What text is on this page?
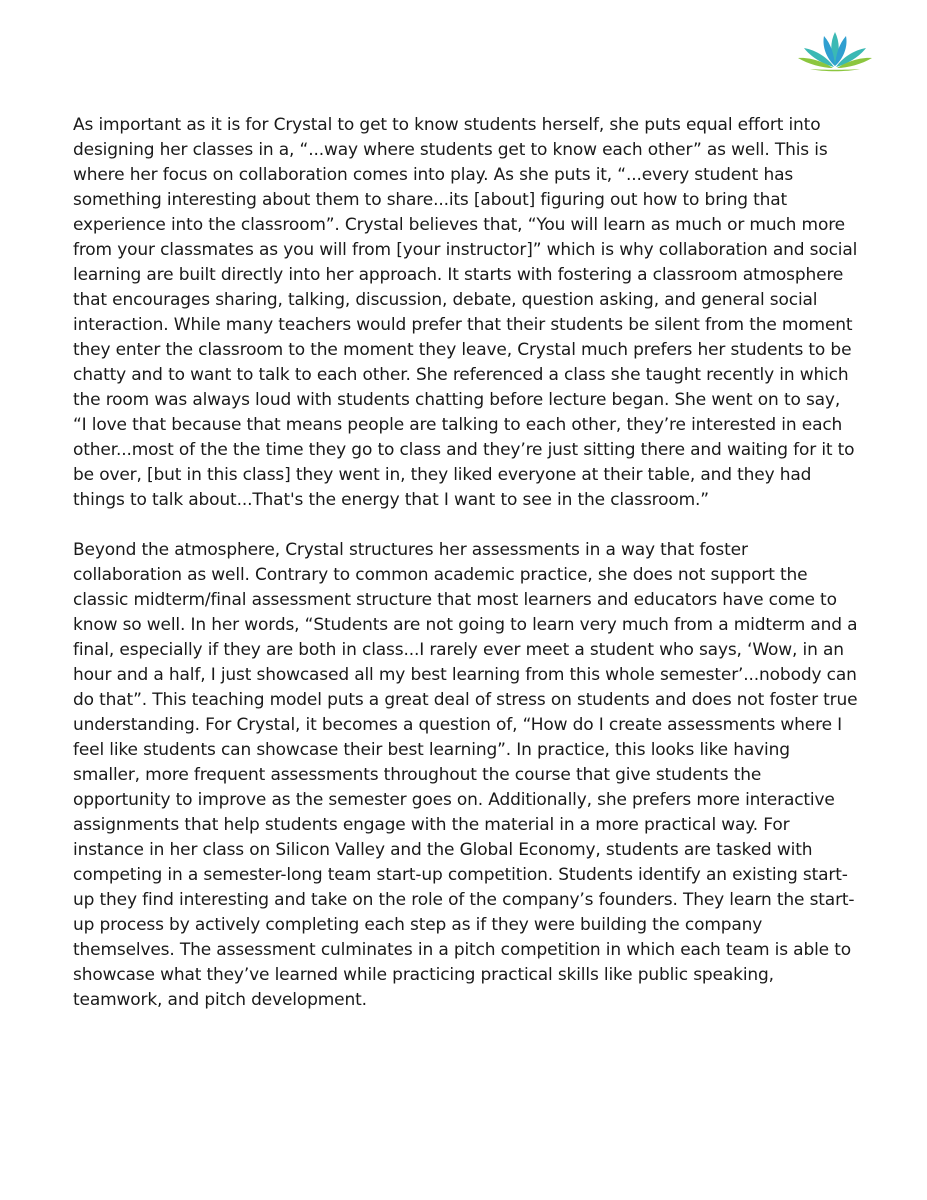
As important as it is for Crystal to get to know students herself, she puts equal effort into designing her classes in a, “...way where students get to know each other” as well. This is where her focus on collaboration comes into play. As she puts it, “...every student has something interesting about them to share...its [about] figuring out how to bring that experience into the classroom”. Crystal believes that, “You will learn as much or much more from your classmates as you will from [your instructor]” which is why collaboration and social learning are built directly into her approach. It starts with fostering a classroom atmosphere that encourages sharing, talking, discussion, debate, question asking, and general social interaction. While many teachers would prefer that their students be silent from the moment they enter the classroom to the moment they leave, Crystal much prefers her students to be chatty and to want to talk to each other. She referenced a class she taught recently in which the room was always loud with students chatting before lecture began. She went on to say, “I love that because that means people are talking to each other, they’re interested in each other...most of the the time they go to class and they’re just sitting there and waiting for it to be over, [but in this class] they went in, they liked everyone at their table, and they had things to talk about...That's the energy that I want to see in the classroom.”

Beyond the atmosphere, Crystal structures her assessments in a way that foster collaboration as well. Contrary to common academic practice, she does not support the classic midterm/final assessment structure that most learners and educators have come to know so well. In her words, “Students are not going to learn very much from a midterm and a final, especially if they are both in class...I rarely ever meet a student who says, ‘Wow, in an hour and a half, I just showcased all my best learning from this whole semester’...nobody can do that”. This teaching model puts a great deal of stress on students and does not foster true understanding. For Crystal, it becomes a question of, “How do I create assessments where I feel like students can showcase their best learning”. In practice, this looks like having smaller, more frequent assessments throughout the course that give students the opportunity to improve as the semester goes on. Additionally, she prefers more interactive assignments that help students engage with the material in a more practical way. For instance in her class on Silicon Valley and the Global Economy, students are tasked with competing in a semester-long team start-up competition. Students identify an existing start-up they find interesting and take on the role of the company’s founders. They learn the start-up process by actively completing each step as if they were building the company themselves. The assessment culminates in a pitch competition in which each team is able to showcase what they’ve learned while practicing practical skills like public speaking, teamwork, and pitch development.
